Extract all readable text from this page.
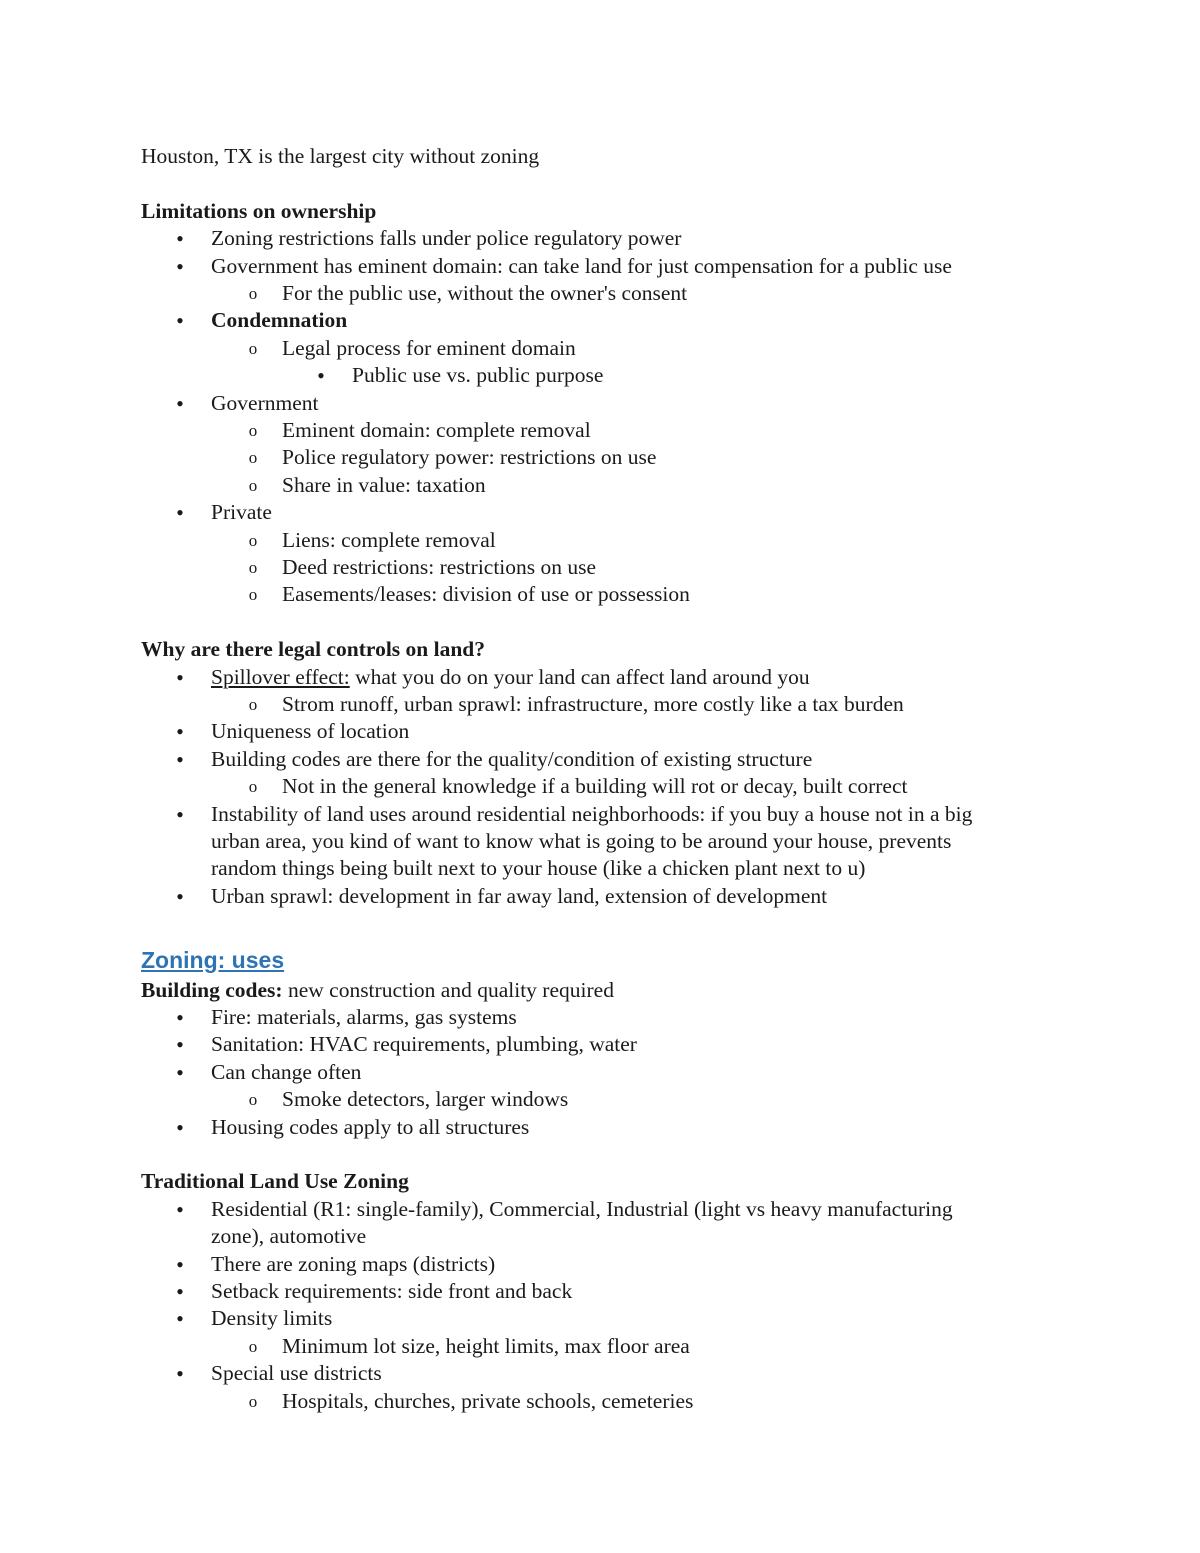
Houston, TX is the largest city without zoning
Limitations on ownership
• Zoning restrictions falls under police regulatory power
• Government has eminent domain: can take land for just compensation for a public use
o For the public use, without the owner's consent
• Condemnation
o Legal process for eminent domain
• Public use vs. public purpose
• Government
o Eminent domain: complete removal
o Police regulatory power: restrictions on use
o Share in value: taxation
• Private
o Liens: complete removal
o Deed restrictions: restrictions on use
o Easements/leases: division of use or possession
Why are there legal controls on land?
• Spillover effect: what you do on your land can affect land around you
o Strom runoff, urban sprawl: infrastructure, more costly like a tax burden
• Uniqueness of location
• Building codes are there for the quality/condition of existing structure
o Not in the general knowledge if a building will rot or decay, built correct
• Instability of land uses around residential neighborhoods: if you buy a house not in a big
urban area, you kind of want to know what is going to be around your house, prevents
random things being built next to your house (like a chicken plant next to u)
• Urban sprawl: development in far away land, extension of development
Zoning: uses
Building codes: new construction and quality required
• Fire: materials, alarms, gas systems
• Sanitation: HVAC requirements, plumbing, water
• Can change often
o Smoke detectors, larger windows
• Housing codes apply to all structures
Traditional Land Use Zoning
• Residential (R1: single-family), Commercial, Industrial (light vs heavy manufacturing
zone), automotive
• There are zoning maps (districts)
• Setback requirements: side front and back
• Density limits
o Minimum lot size, height limits, max floor area
• Special use districts
o Hospitals, churches, private schools, cemeteries
